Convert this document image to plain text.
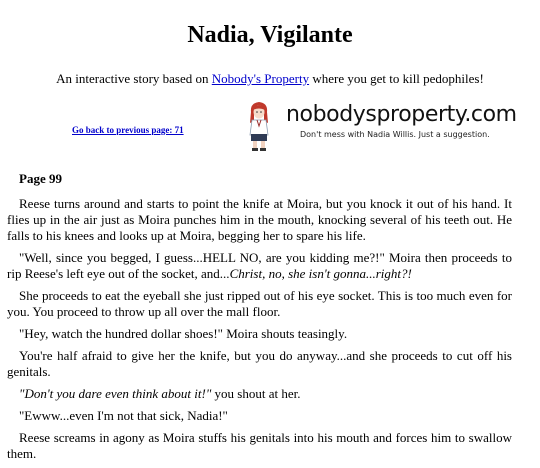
Nadia, Vigilante
An interactive story based on Nobody's Property where you get to kill pedophiles!
Go back to previous page: 71
nobodysproperty.com
Don't mess with Nadia Willis. Just a suggestion.
Page 99

Reese turns around and starts to point the knife at Moira, but you knock it out of his hand. It flies up in the air just as Moira punches him in the mouth, knocking several of his teeth out. He falls to his knees and looks up at Moira, begging her to spare his life.

"Well, since you begged, I guess...HELL NO, are you kidding me?!" Moira then proceeds to rip Reese's left eye out of the socket, and...Christ, no, she isn't gonna...right?!

She proceeds to eat the eyeball she just ripped out of his eye socket. This is too much even for you. You proceed to throw up all over the mall floor.

"Hey, watch the hundred dollar shoes!" Moira shouts teasingly.

You're half afraid to give her the knife, but you do anyway...and she proceeds to cut off his genitals.

"Don't you dare even think about it!" you shout at her.

"Ewww...even I'm not that sick, Nadia!"

Reese screams in agony as Moira stuffs his genitals into his mouth and forces him to swallow them.
